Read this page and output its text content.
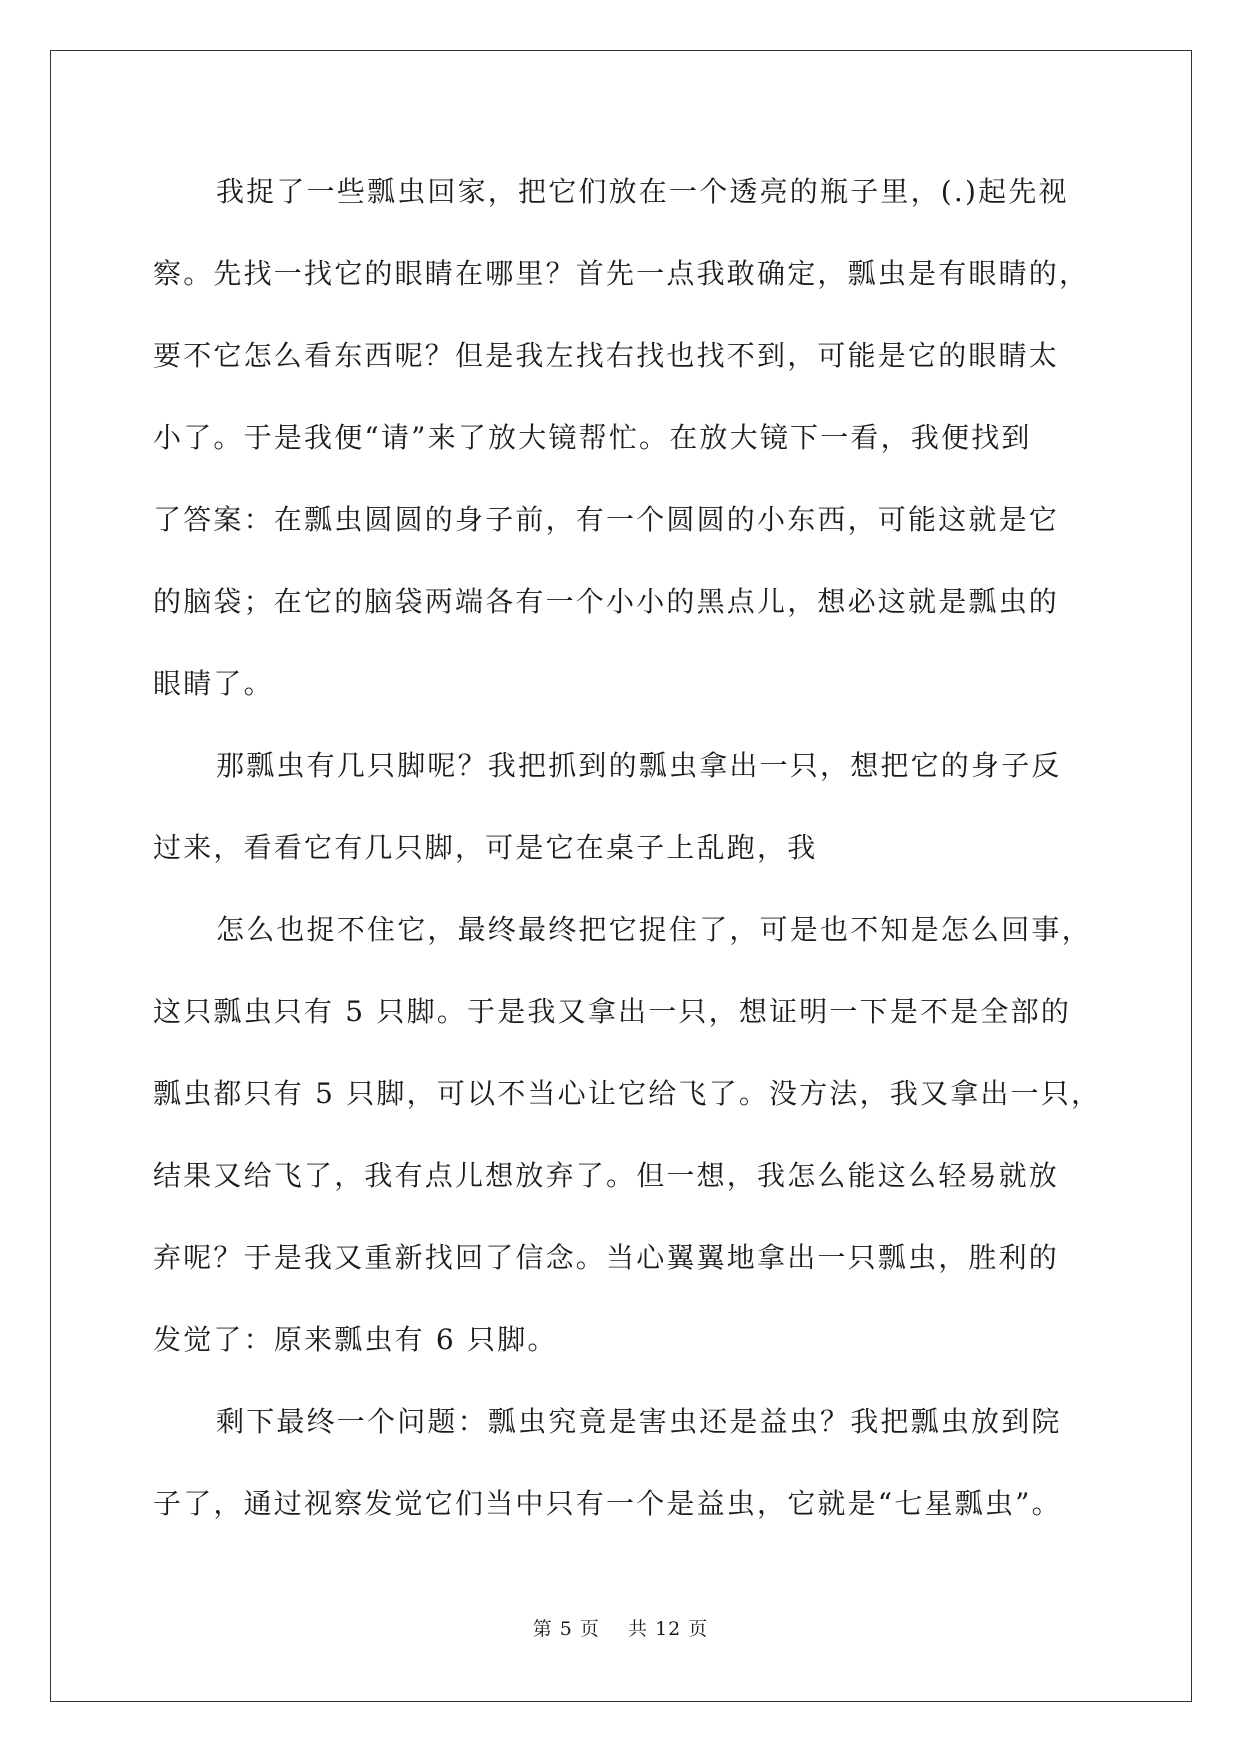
我捉了一些瓢虫回家，把它们放在一个透亮的瓶子里，(.)起先视
察。先找一找它的眼睛在哪里？首先一点我敢确定，瓢虫是有眼睛的，
要不它怎么看东西呢？但是我左找右找也找不到，可能是它的眼睛太
小了。于是我便“请”来了放大镜帮忙。在放大镜下一看，我便找到
了答案：在瓢虫圆圆的身子前，有一个圆圆的小东西，可能这就是它
的脑袋；在它的脑袋两端各有一个小小的黑点儿，想必这就是瓢虫的
眼睛了。
那瓢虫有几只脚呢？我把抓到的瓢虫拿出一只，想把它的身子反
过来，看看它有几只脚，可是它在桌子上乱跑，我
怎么也捉不住它，最终最终把它捉住了，可是也不知是怎么回事，
这只瓢虫只有 5 只脚。于是我又拿出一只，想证明一下是不是全部的
瓢虫都只有 5 只脚，可以不当心让它给飞了。没方法，我又拿出一只，
结果又给飞了，我有点儿想放弃了。但一想，我怎么能这么轻易就放
弃呢？于是我又重新找回了信念。当心翼翼地拿出一只瓢虫，胜利的
发觉了：原来瓢虫有 6 只脚。
剩下最终一个问题：瓢虫究竟是害虫还是益虫？我把瓢虫放到院
子了，通过视察发觉它们当中只有一个是益虫，它就是“七星瓢虫”。
第 5 页 共 12 页
